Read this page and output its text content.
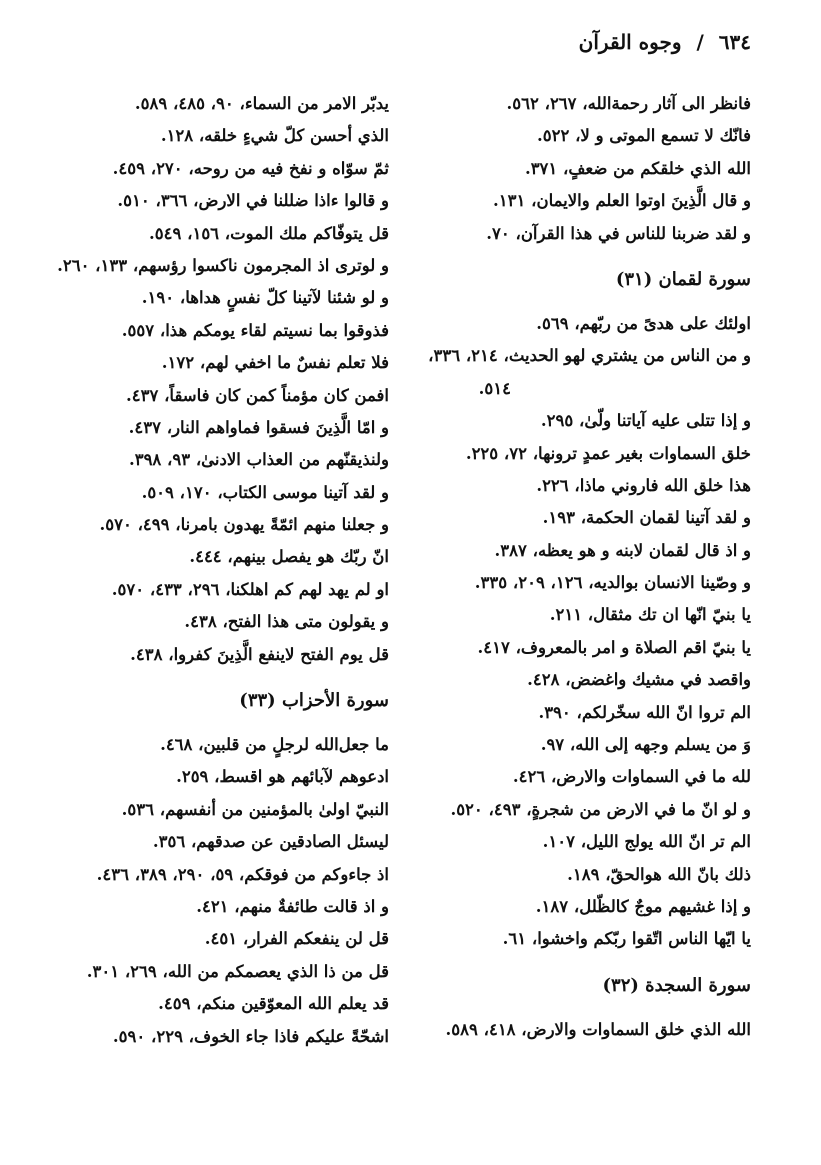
٦٣٤ / وجوه القرآن
فانظر الى آثار رحمةالله، ٢٦٧، ٥٦٢.
فانّك لا تسمع الموتى و لا، ٥٢٢.
الله الذي خلقكم من ضعفٍ، ٣٧١.
و قال الَّذِينَ اوتوا العلم والايمان، ١٣١.
و لقد ضربنا للناس في هذا القرآن، ٧٠.
سورة لقمان (٣١)
اولئك على هدىً من ربّهم، ٥٦٩.
و من الناس من يشتري لهو الحديث، ٢١٤، ٣٣٦،
٥١٤.
و إذا تتلى عليه آياتنا ولّىٰ، ٢٩٥.
خلق السماوات بغير عمدٍ ترونها، ٧٢، ٢٢٥.
هذا خلق الله فاروني ماذا، ٢٢٦.
و لقد آتينا لقمان الحكمة، ١٩٣.
و اذ قال لقمان لابنه و هو يعظه، ٣٨٧.
و وصّينا الانسان بوالديه، ١٢٦، ٢٠٩، ٣٣٥.
يا بنيّ انّها ان تك مثقال، ٢١١.
يا بنيّ اقم الصلاة و امر بالمعروف، ٤١٧.
واقصد في مشيك واغضض، ٤٢٨.
الم تروا انّ الله سخّرلكم، ٣٩٠.
وَ من يسلم وجهه إلى الله، ٩٧.
لله ما في السماوات والارض، ٤٢٦.
و لو انّ ما في الارض من شجرةٍ، ٤٩٣، ٥٢٠.
الم تر انّ الله يولج الليل، ١٠٧.
ذلك بانّ الله هوالحقّ، ١٨٩.
و إذا غشيهم موجٌ كالظّلل، ١٨٧.
يا ايّها الناس اتّقوا ربّكم واخشوا، ٦١.
سورة السجدة (٣٢)
الله الذي خلق السماوات والارض، ٤١٨، ٥٨٩.
يدبّر الامر من السماء، ٩٠، ٤٨٥، ٥٨٩.
الذي أحسن كلّ شيءٍ خلقه، ١٢٨.
ثمّ سوّاه و نفخ فيه من روحه، ٢٧٠، ٤٥٩.
و قالوا ءاذا ضللنا في الارض، ٣٦٦، ٥١٠.
قل يتوفّاكم ملك الموت، ١٥٦، ٥٤٩.
و لوترى اذ المجرمون ناكسوا رؤسهم، ١٣٣، ٢٦٠.
و لو شئنا لآتينا كلّ نفسٍ هداها، ١٩٠.
فذوقوا بما نسيتم لقاء يومكم هذا، ٥٥٧.
فلا تعلم نفسٌ ما اخفي لهم، ١٧٢.
افمن كان مؤمناً كمن كان فاسقاً، ٤٣٧.
و امّا الَّذِينَ فسقوا فماواهم النار، ٤٣٧.
ولنذيقنّهم من العذاب الادنىٰ، ٩٣، ٣٩٨.
و لقد آتينا موسى الكتاب، ١٧٠، ٥٠٩.
و جعلنا منهم ائمّةً يهدون بامرنا، ٤٩٩، ٥٧٠.
انّ ربّك هو يفصل بينهم، ٤٤٤.
او لم يهد لهم كم اهلكنا، ٢٩٦، ٤٣٣، ٥٧٠.
و يقولون متى هذا الفتح، ٤٣٨.
قل يوم الفتح لاينفع الَّذِينَ كفروا، ٤٣٨.
سورة الأحزاب (٣٣)
ما جعل‌الله لرجلٍ من قلبين، ٤٦٨.
ادعوهم لآبائهم هو اقسط، ٢٥٩.
النبيّ اولىٰ بالمؤمنين من أنفسهم، ٥٣٦.
ليسئل الصادقين عن صدقهم، ٣٥٦.
اذ جاءوكم من فوقكم، ٥٩، ٢٩٠، ٣٨٩، ٤٣٦.
و اذ قالت طائفةٌ منهم، ٤٢١.
قل لن ينفعكم الفرار، ٤٥١.
قل من ذا الذي يعصمكم من الله، ٢٦٩، ٣٠١.
قد يعلم الله المعوّقين منكم، ٤٥٩.
اشحّةً عليكم فاذا جاء الخوف، ٢٢٩، ٥٩٠.
